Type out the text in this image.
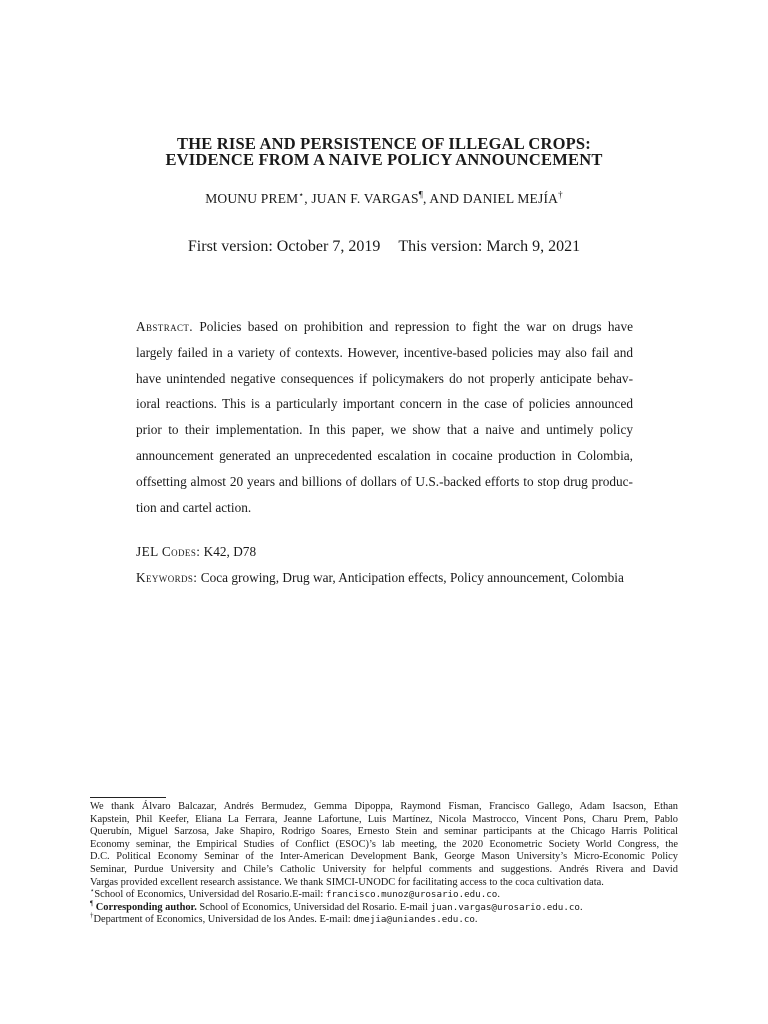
THE RISE AND PERSISTENCE OF ILLEGAL CROPS:
EVIDENCE FROM A NAIVE POLICY ANNOUNCEMENT
MOUNU PREM⋆, JUAN F. VARGAS¶, AND DANIEL MEJÍA†
First version: October 7, 2019 This version: March 9, 2021
Abstract. Policies based on prohibition and repression to fight the war on drugs have
largely failed in a variety of contexts. However, incentive-based policies may also fail and
have unintended negative consequences if policymakers do not properly anticipate behav-
ioral reactions. This is a particularly important concern in the case of policies announced
prior to their implementation. In this paper, we show that a naive and untimely policy
announcement generated an unprecedented escalation in cocaine production in Colombia,
offsetting almost 20 years and billions of dollars of U.S.-backed efforts to stop drug produc-
tion and cartel action.
JEL Codes: K42, D78
Keywords: Coca growing, Drug war, Anticipation effects, Policy announcement, Colombia
We thank Álvaro Balcazar, Andrés Bermudez, Gemma Dipoppa, Raymond Fisman, Francisco Gallego, Adam Isacson, Ethan
Kapstein, Phil Keefer, Eliana La Ferrara, Jeanne Lafortune, Luis Martínez, Nicola Mastrocco, Vincent Pons, Charu Prem, Pablo
Querubín, Miguel Sarzosa, Jake Shapiro, Rodrigo Soares, Ernesto Stein and seminar participants at the Chicago Harris Political
Economy seminar, the Empirical Studies of Conflict (ESOC)’s lab meeting, the 2020 Econometric Society World Congress, the
D.C. Political Economy Seminar of the Inter-American Development Bank, George Mason University’s Micro-Economic Policy
Seminar, Purdue University and Chile’s Catholic University for helpful comments and suggestions. Andrés Rivera and David
Vargas provided excellent research assistance. We thank SIMCI-UNODC for facilitating access to the coca cultivation data.
⋆School of Economics, Universidad del Rosario.E-mail: francisco.munoz@urosario.edu.co.
¶ Corresponding author. School of Economics, Universidad del Rosario. E-mail juan.vargas@urosario.edu.co.
†Department of Economics, Universidad de los Andes. E-mail: dmejia@uniandes.edu.co.
